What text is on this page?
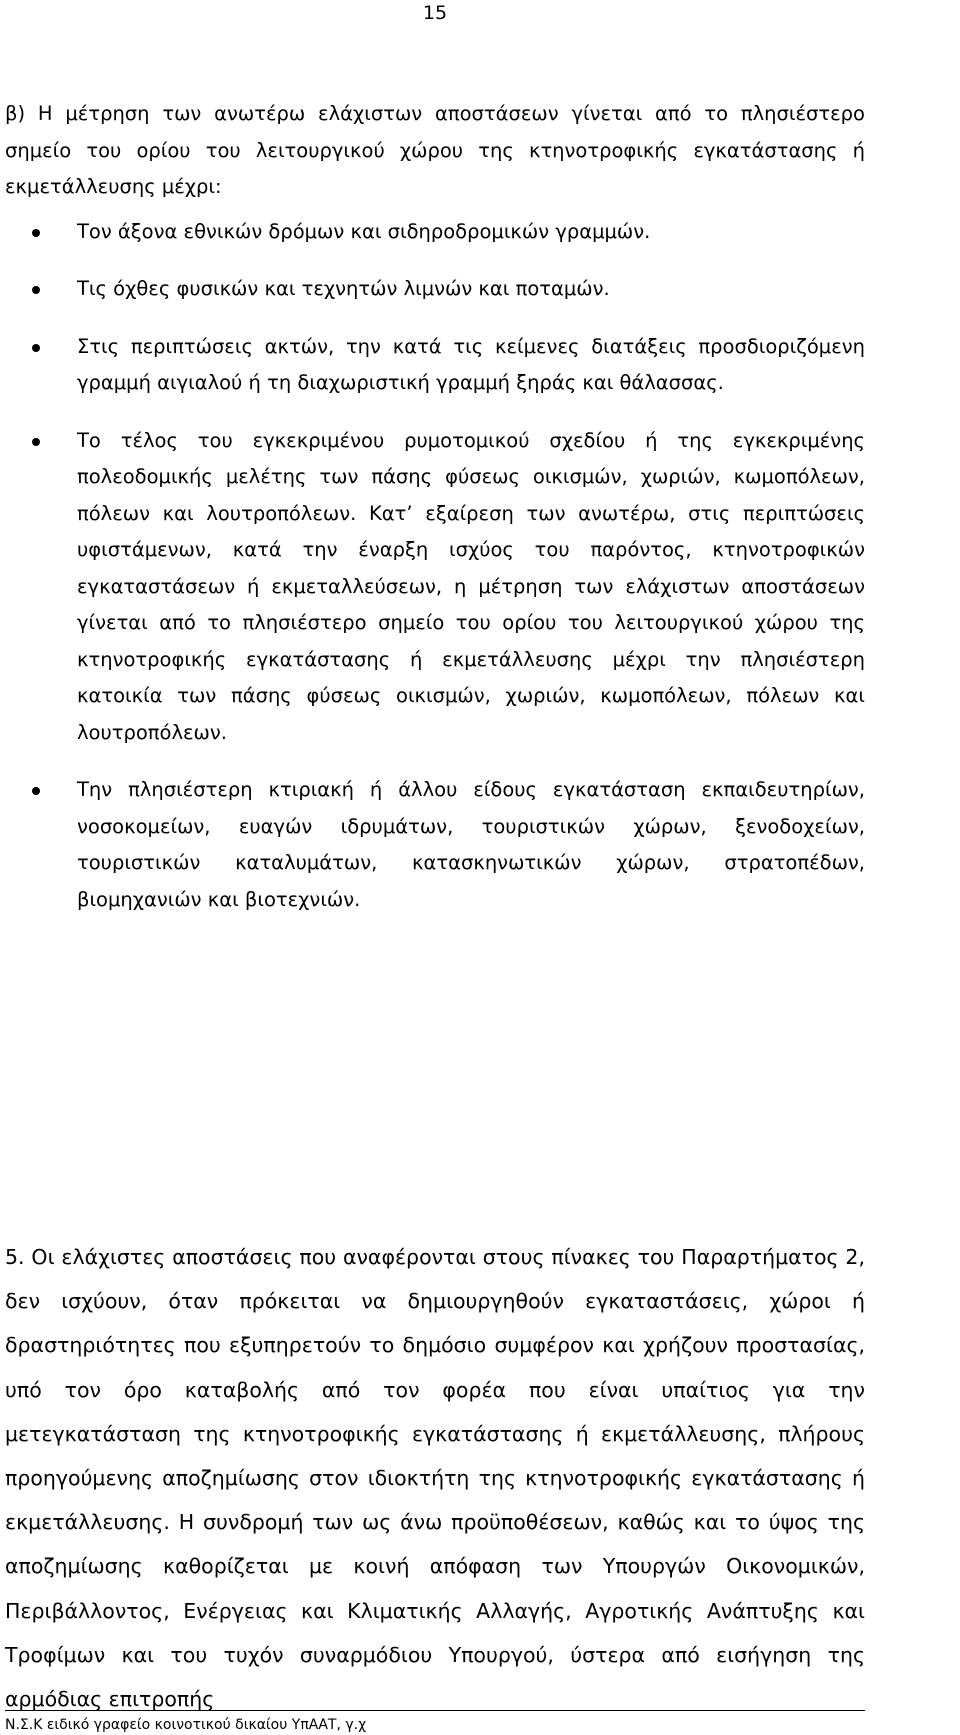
15

β) Η μέτρηση των ανωτέρω ελάχιστων αποστάσεων γίνεται από το πλησιέστερο σημείο του ορίου του λειτουργικού χώρου της κτηνοτροφικής εγκατάστασης ή εκμετάλλευσης μέχρι:

Τον άξονα εθνικών δρόμων και σιδηροδρομικών γραμμών.
Τις όχθες φυσικών και τεχνητών λιμνών και ποταμών.
Στις περιπτώσεις ακτών, την κατά τις κείμενες διατάξεις προσδιοριζόμενη γραμμή αιγιαλού ή τη διαχωριστική γραμμή ξηράς και θάλασσας.
Το τέλος του εγκεκριμένου ρυμοτομικού σχεδίου ή της εγκεκριμένης πολεοδομικής μελέτης των πάσης φύσεως οικισμών, χωριών, κωμοπόλεων, πόλεων και λουτροπόλεων. Κατ’ εξαίρεση των ανωτέρω, στις περιπτώσεις υφιστάμενων, κατά την έναρξη ισχύος του παρόντος, κτηνοτροφικών εγκαταστάσεων ή εκμεταλλεύσεων, η μέτρηση των ελάχιστων αποστάσεων γίνεται από το πλησιέστερο σημείο του ορίου του λειτουργικού χώρου της κτηνοτροφικής εγκατάστασης ή εκμετάλλευσης μέχρι την πλησιέστερη κατοικία των πάσης φύσεως οικισμών, χωριών, κωμοπόλεων, πόλεων και λουτροπόλεων.
Την πλησιέστερη κτιριακή ή άλλου είδους εγκατάσταση εκπαιδευτηρίων, νοσοκομείων, ευαγών ιδρυμάτων, τουριστικών χώρων, ξενοδοχείων, τουριστικών καταλυμάτων, κατασκηνωτικών χώρων, στρατοπέδων, βιομηχανιών και βιοτεχνιών.

5. Οι ελάχιστες αποστάσεις που αναφέρονται στους πίνακες του Παραρτήματος 2, δεν ισχύουν, όταν πρόκειται να δημιουργηθούν εγκαταστάσεις, χώροι ή δραστηριότητες που εξυπηρετούν το δημόσιο συμφέρον και χρήζουν προστασίας, υπό τον όρο καταβολής από τον φορέα που είναι υπαίτιος για την μετεγκατάσταση της κτηνοτροφικής εγκατάστασης ή εκμετάλλευσης, πλήρους προηγούμενης αποζημίωσης στον ιδιοκτήτη της κτηνοτροφικής εγκατάστασης ή εκμετάλλευσης. Η συνδρομή των ως άνω προϋποθέσεων, καθώς και το ύψος της αποζημίωσης καθορίζεται με κοινή απόφαση των Υπουργών Οικονομικών, Περιβάλλοντος, Ενέργειας και Κλιματικής Αλλαγής, Αγροτικής Ανάπτυξης και Τροφίμων και του τυχόν συναρμόδιου Υπουργού, ύστερα από εισήγηση της αρμόδιας επιτροπής

Ν.Σ.Κ ειδικό γραφείο κοινοτικού δικαίου ΥπΑΑΤ, γ.χ
